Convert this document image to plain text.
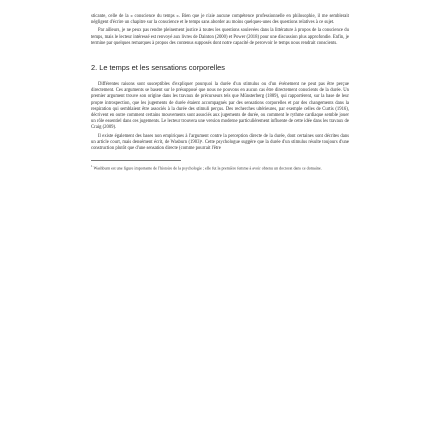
sticante, celle de la « conscience du temps ». Bien que je n'aie aucune compétence professionnelle en philosophie, il me semblerait négligent d'écrire un chapitre sur la conscience et le temps sans aborder au moins quelques-unes des questions relatives à ce sujet.

Par ailleurs, je ne peux pas rendre pleinement justice à toutes les questions soulevées dans la littérature à propos de la conscience du temps, mais le lecteur intéressé est renvoyé aux livres de Dainton (2000) et Power (2018) pour une discussion plus approfondie. Enfin, je termine par quelques remarques à propos des contenus supposés dont notre capacité de percevoir le temps nous rendrait conscients.

2. Le temps et les sensations corporelles

Différentes raisons sont susceptibles d'expliquer pourquoi la durée d'un stimulus ou d'un événement ne peut pas être perçue directement. Ces arguments se basent sur le présupposé que nous ne pouvons en aucun cas être directement conscients de la durée. Un premier argument trouve son origine dans les travaux de précurseurs tels que Münsterberg (1889), qui rapportèrent, sur la base de leur propre introspection, que les jugements de durée étaient accompagnés par des sensations corporelles et par des changements dans la respiration qui semblaient être associés à la durée des stimuli perçus. Des recherches ultérieures, par exemple celles de Curtis (1916), décrivent en outre comment certains mouvements sont associés aux jugements de durée, ou comment le rythme cardiaque semble jouer un rôle essentiel dans ces jugements. Le lecteur trouvera une version moderne particulièrement influente de cette idée dans les travaux de Craig (2009).

Il existe également des bases non empiriques à l'argument contre la perception directe de la durée, dont certaines sont décrites dans un article court, mais densément écrit, de Wasburn (1903)¹. Cette psychologue suggère que la durée d'un stimulus résulte toujours d'une construction plutôt que d'une sensation directe (comme pourrait l'être

$^1$ Washburn est une figure importante de l'histoire de la psychologie ; elle fut la première femme à avoir obtenu un doctorat dans ce domaine.
